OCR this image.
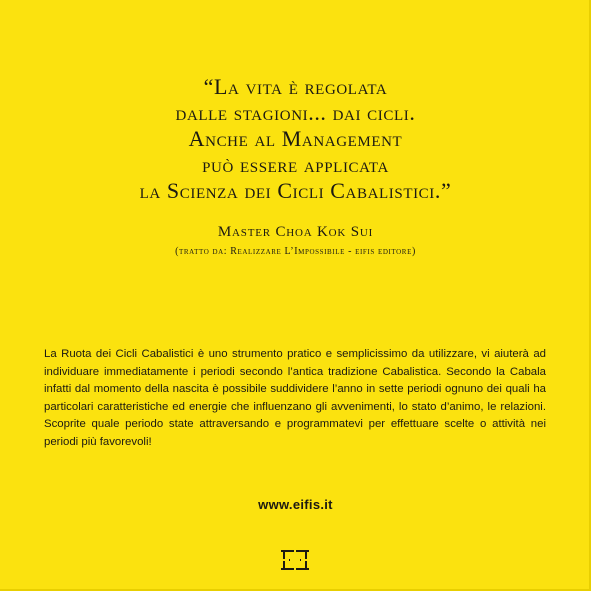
“La vita è regolata
dalle stagioni... dai cicli.
Anche al Management
può essere applicata
la Scienza dei Cicli Cabalistici.”
Master Choa Kok Sui
(tratto da: Realizzare L’Impossibile - eifis editore)
La Ruota dei Cicli Cabalistici è uno strumento pratico e semplicissimo da utilizzare, vi aiuterà ad individuare immediatamente i periodi secondo l’antica tradizione Cabalistica. Secondo la Cabala infatti dal momento della nascita è possibile suddividere l’anno in sette periodi ognuno dei quali ha particolari caratteristiche ed energie che influenzano gli avvenimenti, lo stato d’animo, le relazioni. Scoprite quale periodo state attraversando e programmatevi per effettuare scelte o attività nei periodi più favorevoli!
www.eifis.it
